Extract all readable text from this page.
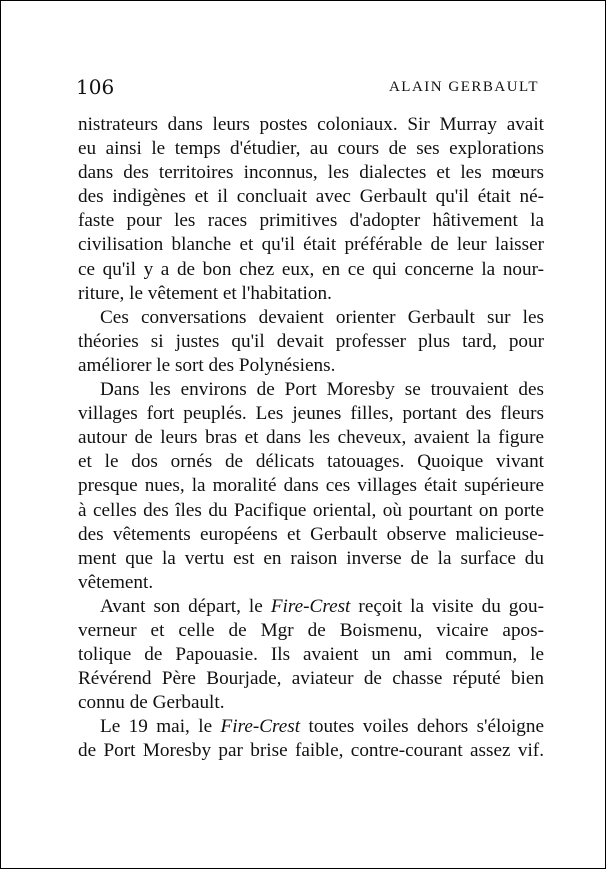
106	ALAIN GERBAULT
nistrateurs dans leurs postes coloniaux. Sir Murray avait
eu ainsi le temps d'étudier, au cours de ses explorations
dans des territoires inconnus, les dialectes et les mœurs
des indigènes et il concluait avec Gerbault qu'il était né-
faste pour les races primitives d'adopter hâtivement la
civilisation blanche et qu'il était préférable de leur laisser
ce qu'il y a de bon chez eux, en ce qui concerne la nour-
riture, le vêtement et l'habitation.
Ces conversations devaient orienter Gerbault sur les
théories si justes qu'il devait professer plus tard, pour
améliorer le sort des Polynésiens.
Dans les environs de Port Moresby se trouvaient des
villages fort peuplés. Les jeunes filles, portant des fleurs
autour de leurs bras et dans les cheveux, avaient la figure
et le dos ornés de délicats tatouages. Quoique vivant
presque nues, la moralité dans ces villages était supérieure
à celles des îles du Pacifique oriental, où pourtant on porte
des vêtements européens et Gerbault observe malicieuse-
ment que la vertu est en raison inverse de la surface du
vêtement.
Avant son départ, le Fire-Crest reçoit la visite du gou-
verneur et celle de Mgr de Boismenu, vicaire apos-
tolique de Papouasie. Ils avaient un ami commun, le
Révérend Père Bourjade, aviateur de chasse réputé bien
connu de Gerbault.
Le 19 mai, le Fire-Crest toutes voiles dehors s'éloigne
de Port Moresby par brise faible, contre-courant assez vif.
